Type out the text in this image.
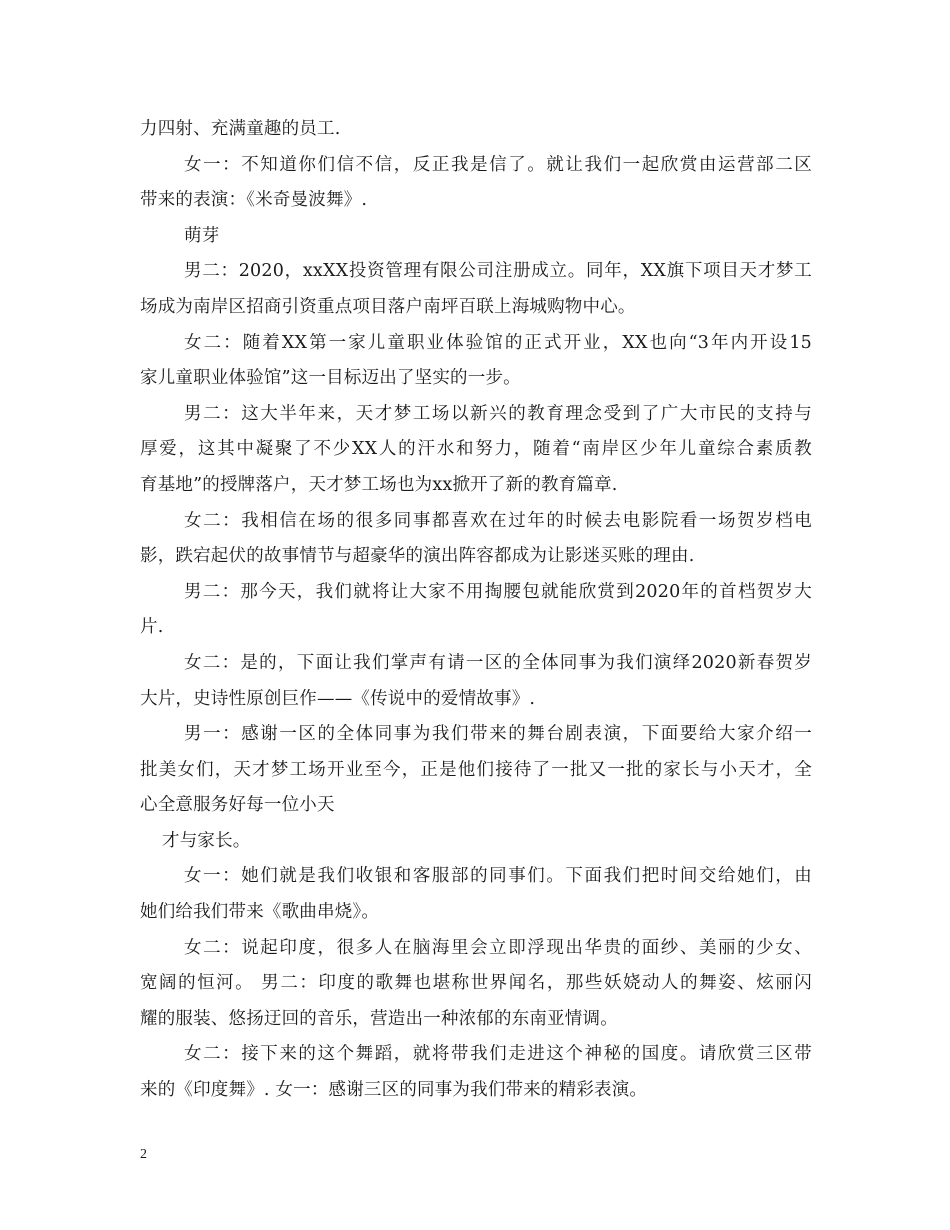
力四射、充满童趣的员工.
女一：不知道你们信不信，反正我是信了。就让我们一起欣赏由运营部二区
带来的表演：《米奇曼波舞》.
萌芽
男二：2020，xxXX投资管理有限公司注册成立。同年，XX旗下项目天才梦工
场成为南岸区招商引资重点项目落户南坪百联上海城购物中心。
女二：随着XX第一家儿童职业体验馆的正式开业，XX也向“3年内开设15
家儿童职业体验馆”这一目标迈出了坚实的一步。
男二：这大半年来，天才梦工场以新兴的教育理念受到了广大市民的支持与
厚爱，这其中凝聚了不少XX人的汗水和努力，随着“南岸区少年儿童综合素质教
育基地”的授牌落户，天才梦工场也为xx掀开了新的教育篇章.
女二：我相信在场的很多同事都喜欢在过年的时候去电影院看一场贺岁档电
影，跌宕起伏的故事情节与超豪华的演出阵容都成为让影迷买账的理由.
男二：那今天，我们就将让大家不用掏腰包就能欣赏到2020年的首档贺岁大
片.
女二：是的，下面让我们掌声有请一区的全体同事为我们演绎2020新春贺岁
大片，史诗性原创巨作——《传说中的爱情故事》.
男一：感谢一区的全体同事为我们带来的舞台剧表演，下面要给大家介绍一
批美女们，天才梦工场开业至今，正是他们接待了一批又一批的家长与小天才，全
心全意服务好每一位小天
才与家长。
女一：她们就是我们收银和客服部的同事们。下面我们把时间交给她们，由
她们给我们带来《歌曲串烧》。
女二：说起印度，很多人在脑海里会立即浮现出华贵的面纱、美丽的少女、
宽阔的恒河。 男二：印度的歌舞也堪称世界闻名，那些妖娆动人的舞姿、炫丽闪
耀的服装、悠扬迂回的音乐，营造出一种浓郁的东南亚情调。
女二：接下来的这个舞蹈，就将带我们走进这个神秘的国度。请欣赏三区带
来的《印度舞》. 女一：感谢三区的同事为我们带来的精彩表演。
2
